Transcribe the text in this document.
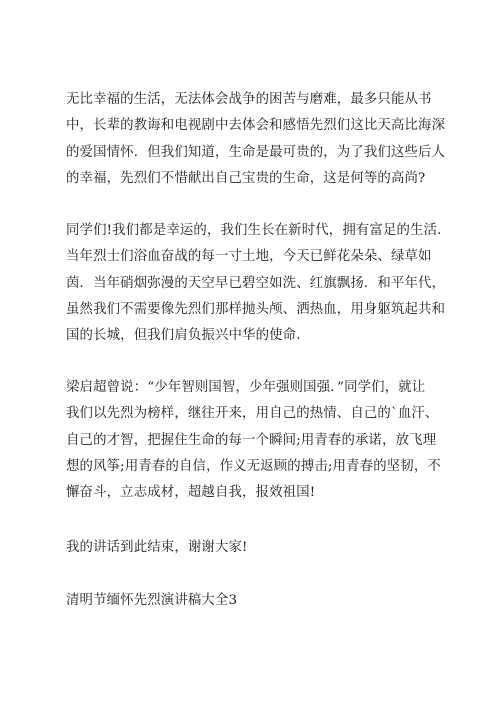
无比幸福的生活，无法体会战争的困苦与磨难，最多只能从书
中，长辈的教诲和电视剧中去体会和感悟先烈们这比天高比海深
的爱国情怀．但我们知道，生命是最可贵的，为了我们这些后人
的幸福，先烈们不惜献出自己宝贵的生命，这是何等的高尚?
同学们!我们都是幸运的，我们生长在新时代，拥有富足的生活.
当年烈士们浴血奋战的每一寸土地，今天已鲜花朵朵、绿草如
茵．当年硝烟弥漫的天空早已碧空如洗、红旗飘扬．和平年代，
虽然我们不需要像先烈们那样抛头颅、洒热血，用身躯筑起共和
国的长城，但我们肩负振兴中华的使命.
梁启超曾说：“少年智则国智，少年强则国强．”同学们，就让
我们以先烈为榜样，继往开来，用自己的热情、自己的`血汗、
自己的才智，把握住生命的每一个瞬间;用青春的承诺，放飞理
想的风筝;用青春的自信，作义无返顾的搏击;用青春的坚韧，不
懈奋斗，立志成材，超越自我，报效祖国!
我的讲话到此结束，谢谢大家!
清明节缅怀先烈演讲稿大全3
